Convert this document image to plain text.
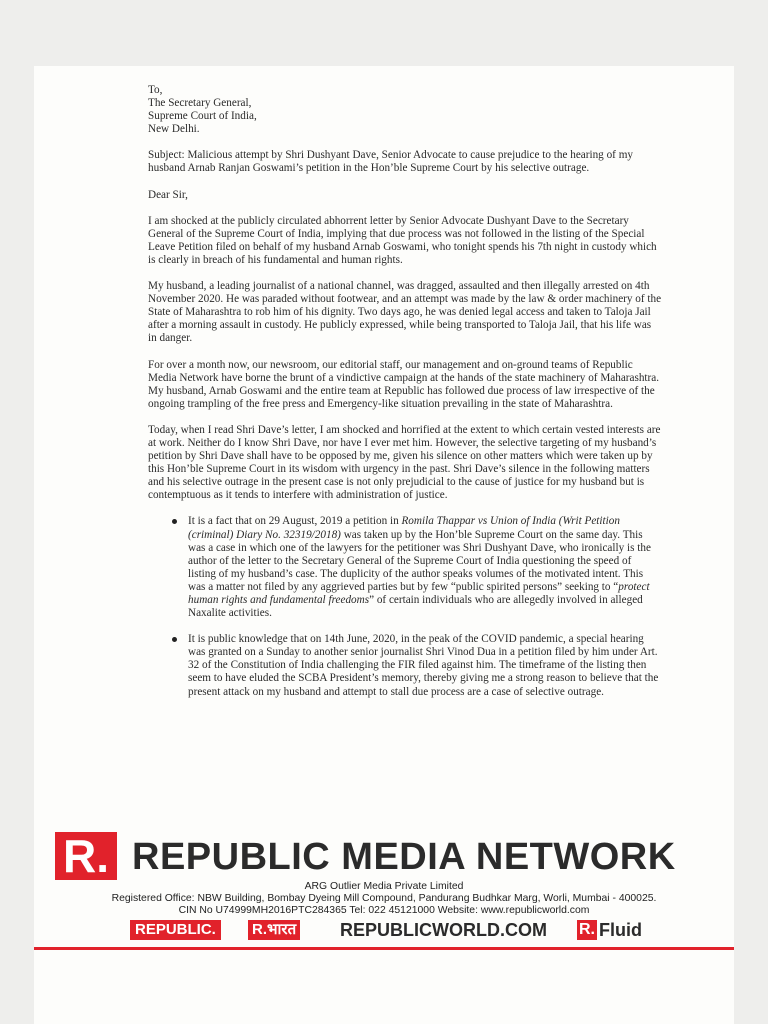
To,

The Secretary General,

Supreme Court of India,

New Delhi.

Subject: Malicious attempt by Shri Dushyant Dave, Senior Advocate to cause prejudice to the hearing of my husband Arnab Ranjan Goswami’s petition in the Hon’ble Supreme Court by his selective outrage.

Dear Sir,

I am shocked at the publicly circulated abhorrent letter by Senior Advocate Dushyant Dave to the Secretary General of the Supreme Court of India, implying that due process was not followed in the listing of the Special Leave Petition filed on behalf of my husband Arnab Goswami, who tonight spends his 7th night in custody which is clearly in breach of his fundamental and human rights.

My husband, a leading journalist of a national channel, was dragged, assaulted and then illegally arrested on 4th November 2020. He was paraded without footwear, and an attempt was made by the law & order machinery of the State of Maharashtra to rob him of his dignity. Two days ago, he was denied legal access and taken to Taloja Jail after a morning assault in custody. He publicly expressed, while being transported to Taloja Jail, that his life was in danger.

For over a month now, our newsroom, our editorial staff, our management and on-ground teams of Republic Media Network have borne the brunt of a vindictive campaign at the hands of the state machinery of Maharashtra. My husband, Arnab Goswami and the entire team at Republic has followed due process of law irrespective of the ongoing trampling of the free press and Emergency-like situation prevailing in the state of Maharashtra.

Today, when I read Shri Dave’s letter, I am shocked and horrified at the extent to which certain vested interests are at work. Neither do I know Shri Dave, nor have I ever met him. However, the selective targeting of my husband’s petition by Shri Dave shall have to be opposed by me, given his silence on other matters which were taken up by this Hon’ble Supreme Court in its wisdom with urgency in the past. Shri Dave’s silence in the following matters and his selective outrage in the present case is not only prejudicial to the cause of justice for my husband but is contemptuous as it tends to interfere with administration of justice.

It is a fact that on 29 August, 2019 a petition in Romila Thappar vs Union of India (Writ Petition (criminal) Diary No. 32319/2018) was taken up by the Hon’ble Supreme Court on the same day. This was a case in which one of the lawyers for the petitioner was Shri Dushyant Dave, who ironically is the author of the letter to the Secretary General of the Supreme Court of India questioning the speed of listing of my husband’s case. The duplicity of the author speaks volumes of the motivated intent. This was a matter not filed by any aggrieved parties but by few “public spirited persons” seeking to “protect human rights and fundamental freedoms” of certain individuals who are allegedly involved in alleged Naxalite activities.
It is public knowledge that on 14th June, 2020, in the peak of the COVID pandemic, a special hearing was granted on a Sunday to another senior journalist Shri Vinod Dua in a petition filed by him under Art. 32 of the Constitution of India challenging the FIR filed against him. The timeframe of the listing then seem to have eluded the SCBA President’s memory, thereby giving me a strong reason to believe that the present attack on my husband and attempt to stall due process are a case of selective outrage.
R. REPUBLIC MEDIA NETWORK
ARG Outlier Media Private Limited
Registered Office: NBW Building, Bombay Dyeing Mill Compound, Pandurang Budhkar Marg, Worli, Mumbai - 400025.
CIN No U74999MH2016PTC284365 Tel: 022 45121000 Website: www.republicworld.com
REPUBLIC.	R.भारत REPUBLICWORLD.COM R. Fluid
